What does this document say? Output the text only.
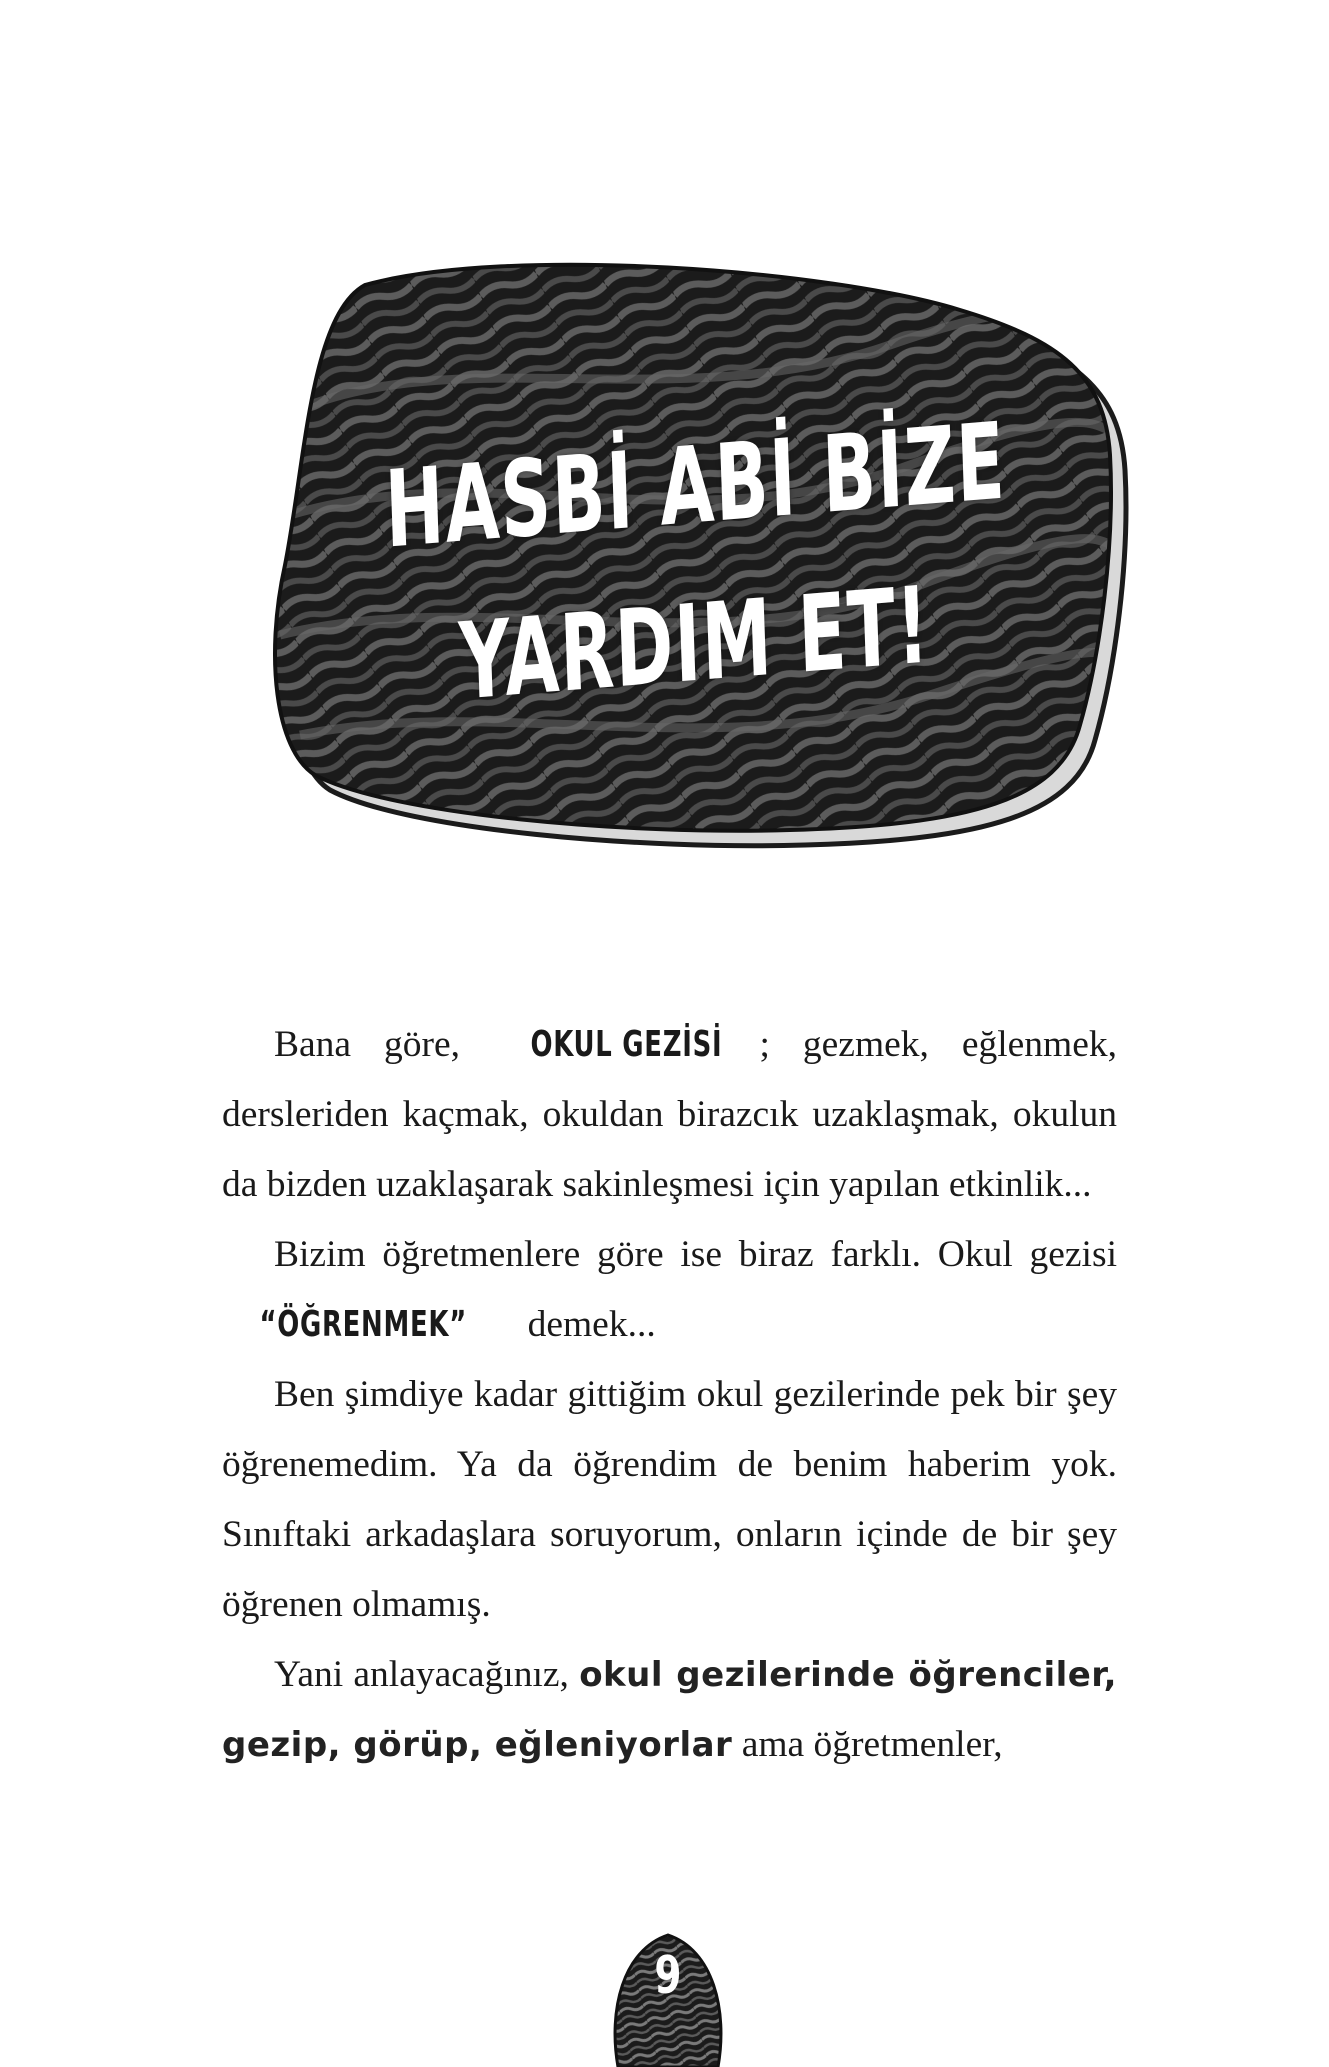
HASBİ ABİ BİZE
YARDIM ET!

Bana göre, OKUL GEZİSİ ; gezmek, eğlenmek, dersleriden kaçmak, okuldan birazcık uzaklaşmak, okulun da bizden uzaklaşarak sakinleşmesi için yapılan etkinlik...

Bizim öğretmenlere göre ise biraz farklı. Okul gezisi “ÖĞRENMEK” demek...

Ben şimdiye kadar gittiğim okul gezilerinde pek bir şey öğrenemedim. Ya da öğrendim de benim haberim yok. Sınıftaki arkadaşlara soruyorum, onların içinde de bir şey öğrenen olmamış.

Yani anlayacağınız, okul gezilerinde öğrenciler, gezip, görüp, eğleniyorlar ama öğretmenler,

9
